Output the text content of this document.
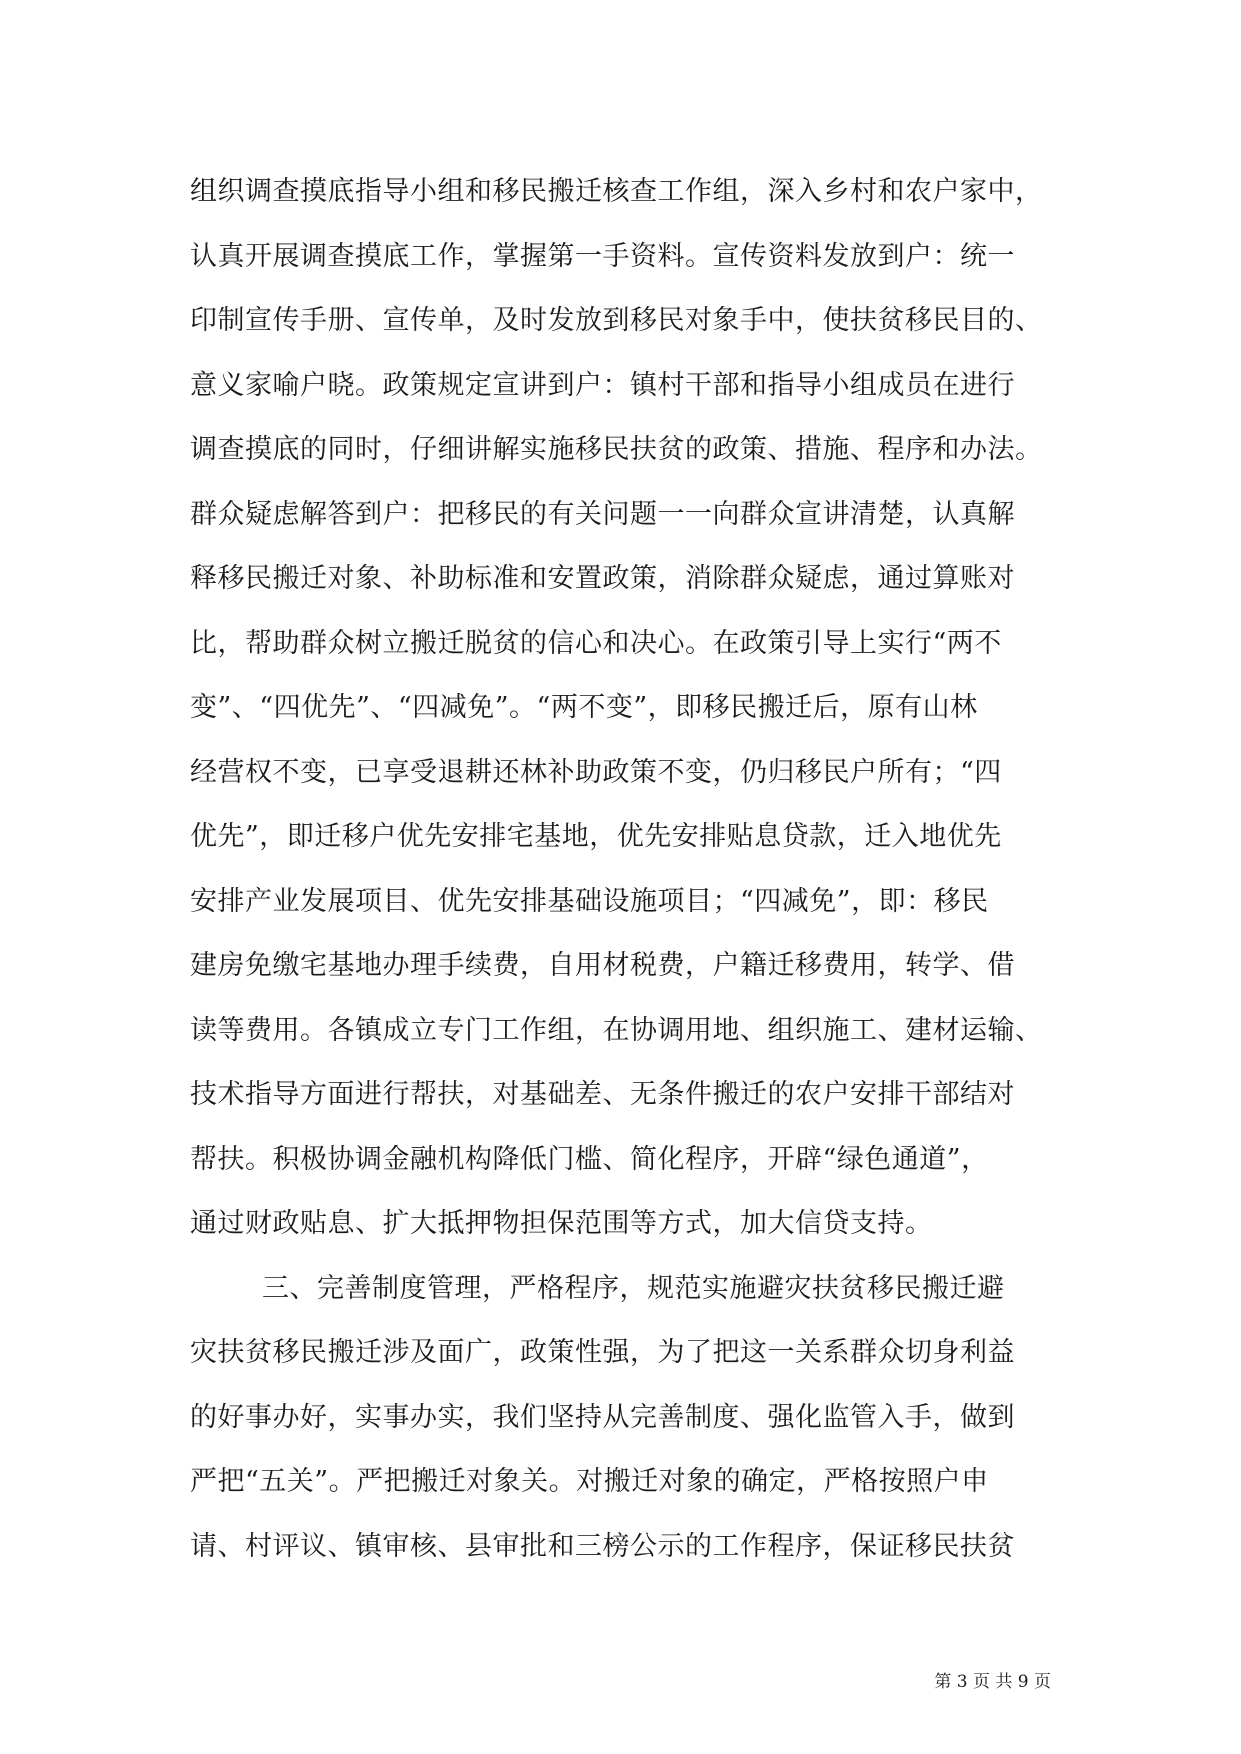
组织调查摸底指导小组和移民搬迁核查工作组，深入乡村和农户家中，
认真开展调查摸底工作，掌握第一手资料。宣传资料发放到户：统一
印制宣传手册、宣传单，及时发放到移民对象手中，使扶贫移民目的、
意义家喻户晓。政策规定宣讲到户：镇村干部和指导小组成员在进行
调查摸底的同时，仔细讲解实施移民扶贫的政策、措施、程序和办法。
群众疑虑解答到户：把移民的有关问题一一向群众宣讲清楚，认真解
释移民搬迁对象、补助标准和安置政策，消除群众疑虑，通过算账对
比，帮助群众树立搬迁脱贫的信心和决心。在政策引导上实行“两不
变”、“四优先”、“四减免”。“两不变”，即移民搬迁后，原有山林
经营权不变，已享受退耕还林补助政策不变，仍归移民户所有；“四
优先”，即迁移户优先安排宅基地，优先安排贴息贷款，迁入地优先
安排产业发展项目、优先安排基础设施项目；“四减免”，即：移民
建房免缴宅基地办理手续费，自用材税费，户籍迁移费用，转学、借
读等费用。各镇成立专门工作组，在协调用地、组织施工、建材运输、
技术指导方面进行帮扶，对基础差、无条件搬迁的农户安排干部结对
帮扶。积极协调金融机构降低门槛、简化程序，开辟“绿色通道”，
通过财政贴息、扩大抵押物担保范围等方式，加大信贷支持。
三、完善制度管理，严格程序，规范实施避灾扶贫移民搬迁避
灾扶贫移民搬迁涉及面广，政策性强，为了把这一关系群众切身利益
的好事办好，实事办实，我们坚持从完善制度、强化监管入手，做到
严把“五关”。严把搬迁对象关。对搬迁对象的确定，严格按照户申
请、村评议、镇审核、县审批和三榜公示的工作程序，保证移民扶贫
第 3 页 共 9 页
